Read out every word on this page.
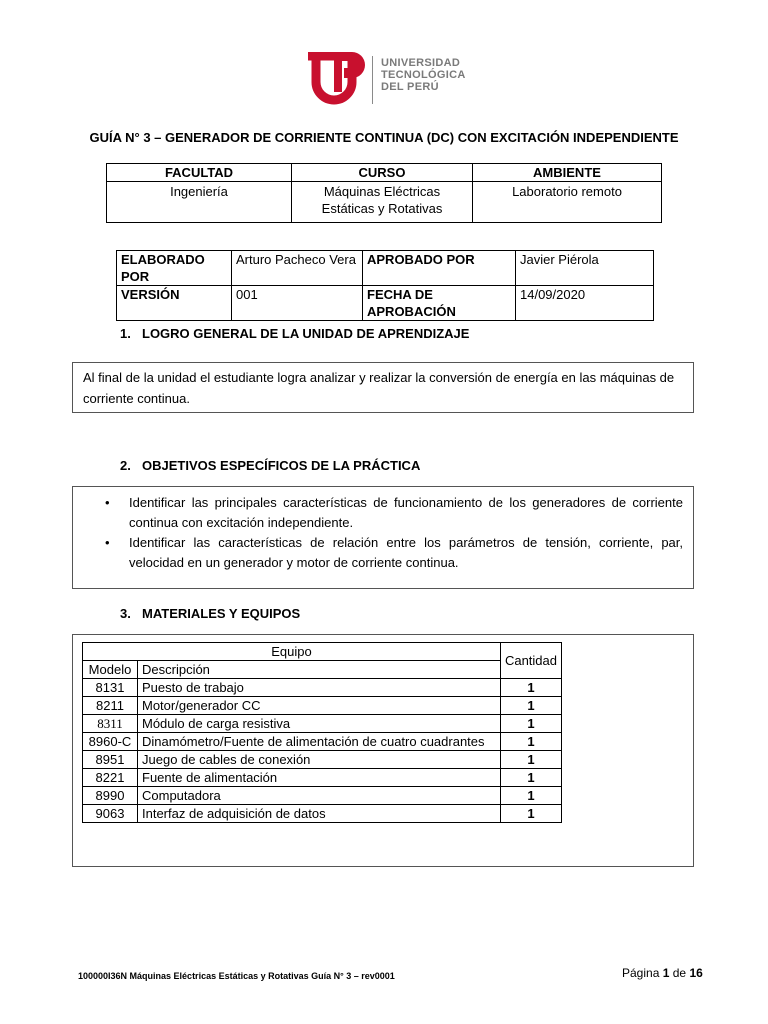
UNIVERSIDAD
TECNOLÓGICA
DEL PERÚ
GUÍA N° 3 – GENERADOR DE CORRIENTE CONTINUA (DC) CON EXCITACIÓN INDEPENDIENTE
FACULTAD	CURSO	AMBIENTE
Ingeniería	Máquinas Eléctricas Estáticas y Rotativas	Laboratorio remoto
ELABORADO POR	Arturo Pacheco Vera	APROBADO POR	Javier Piérola
VERSIÓN	001	FECHA DE APROBACIÓN	14/09/2020
1. LOGRO GENERAL DE LA UNIDAD DE APRENDIZAJE
Al final de la unidad el estudiante logra analizar y realizar la conversión de energía en las máquinas de corriente continua.
2. OBJETIVOS ESPECÍFICOS DE LA PRÁCTICA
• Identificar las principales características de funcionamiento de los generadores de corriente continua con excitación independiente.
• Identificar las características de relación entre los parámetros de tensión, corriente, par, velocidad en un generador y motor de corriente continua.
3. MATERIALES Y EQUIPOS
Equipo		Cantidad
Modelo	Descripción	
8131	Puesto de trabajo	1
8211	Motor/generador CC	1
8311	Módulo de carga resistiva	1
8960-C	Dinamómetro/Fuente de alimentación de cuatro cuadrantes	1
8951	Juego de cables de conexión	1
8221	Fuente de alimentación	1
8990	Computadora	1
9063	Interfaz de adquisición de datos	1
100000I36N Máquinas Eléctricas Estáticas y Rotativas Guía N° 3 – rev0001	Página 1 de 16
